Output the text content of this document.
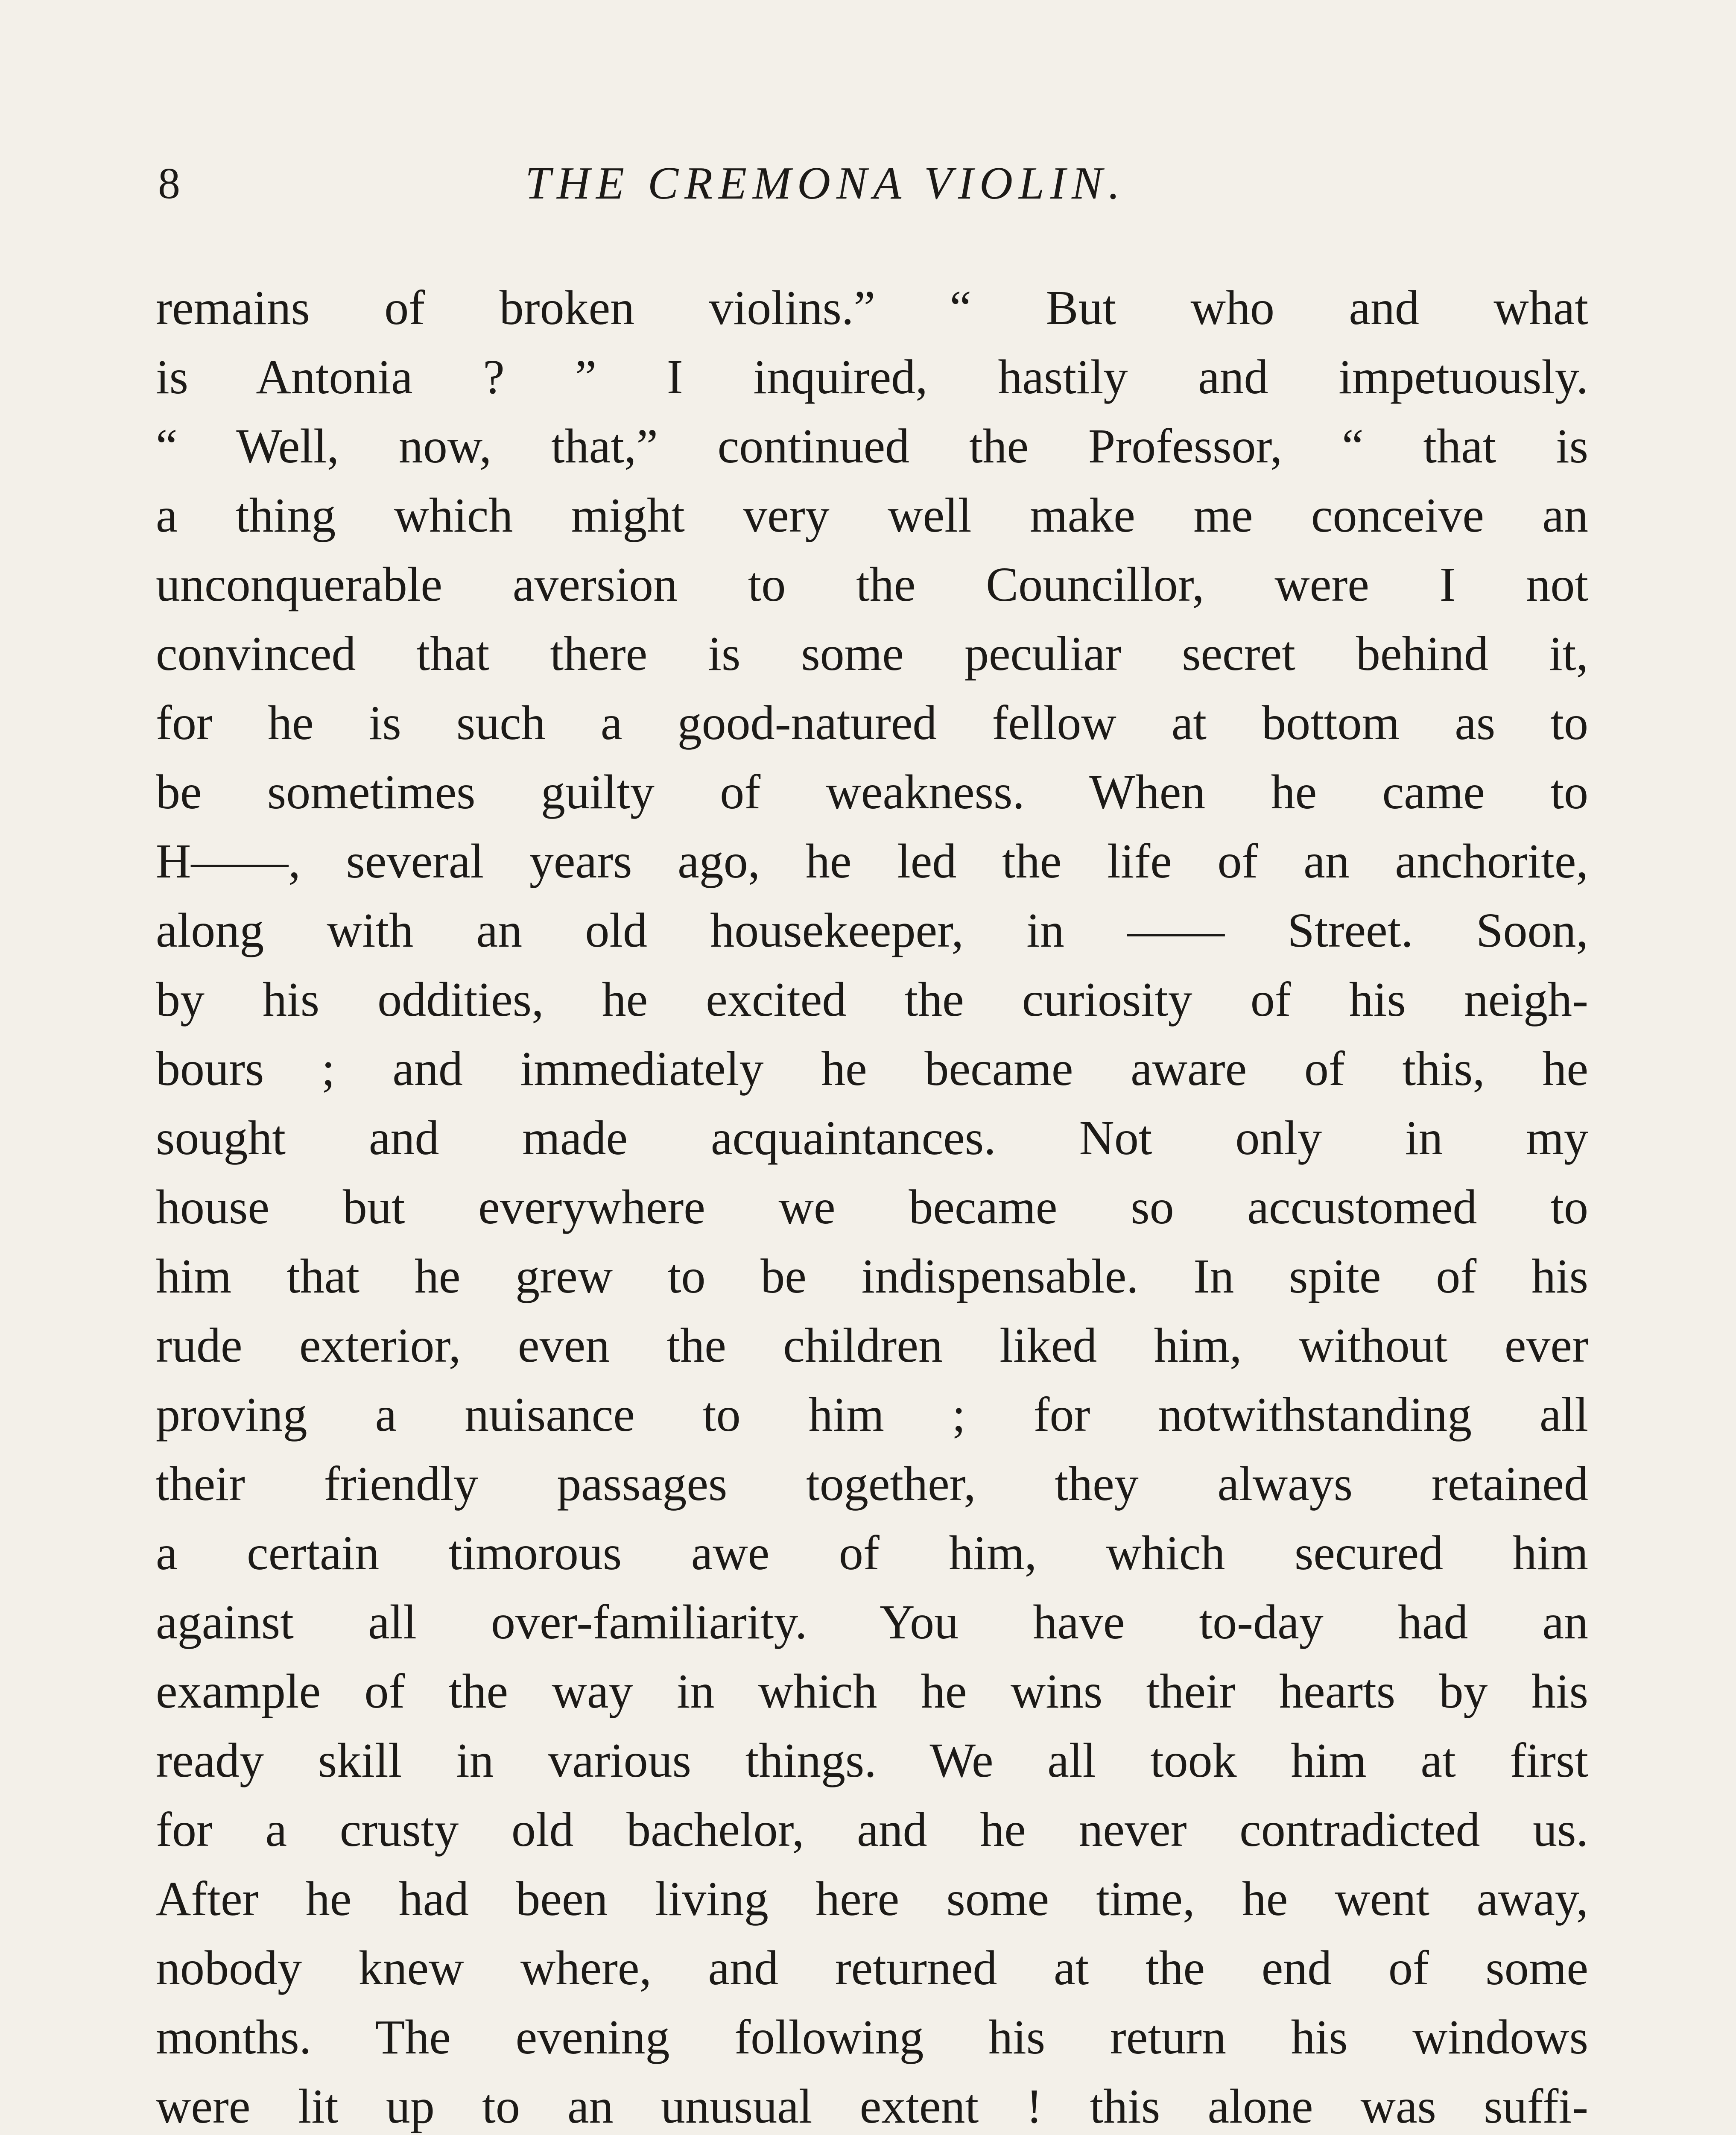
8	THE CREMONA VIOLIN.
remains of broken violins.” “ But who and what
is Antonia ? ” I inquired, hastily and impetuously.
“ Well, now, that,” continued the Professor, “ that is
a thing which might very well make me conceive an
unconquerable aversion to the Councillor, were I not
convinced that there is some peculiar secret behind it,
for he is such a good-natured fellow at bottom as to
be sometimes guilty of weakness. When he came to
H——, several years ago, he led the life of an anchorite,
along with an old housekeeper, in —— Street. Soon,
by his oddities, he excited the curiosity of his neigh-
bours ; and immediately he became aware of this, he
sought and made acquaintances. Not only in my
house but everywhere we became so accustomed to
him that he grew to be indispensable. In spite of his
rude exterior, even the children liked him, without ever
proving a nuisance to him ; for notwithstanding all
their friendly passages together, they always retained
a certain timorous awe of him, which secured him
against all over-familiarity. You have to-day had an
example of the way in which he wins their hearts by his
ready skill in various things. We all took him at first
for a crusty old bachelor, and he never contradicted us.
After he had been living here some time, he went away,
nobody knew where, and returned at the end of some
months. The evening following his return his windows
were lit up to an unusual extent ! this alone was suffi-
